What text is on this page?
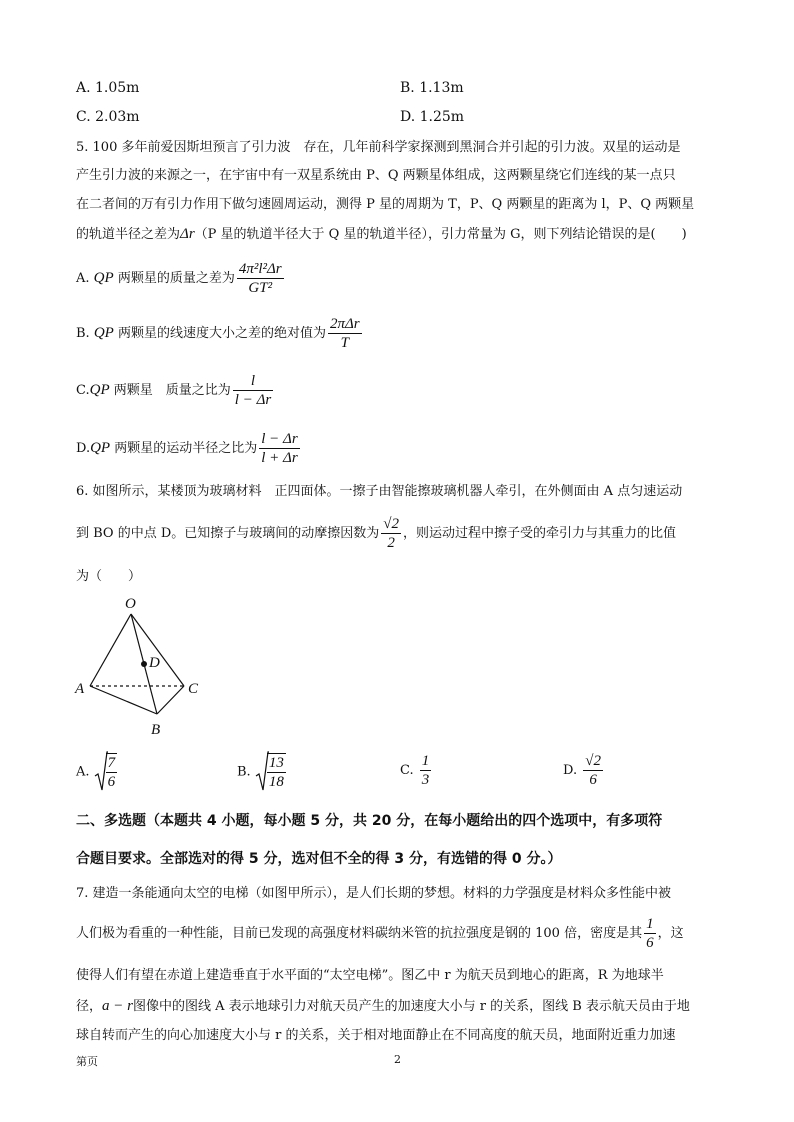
A. 1.05m	B. 1.13m
C. 2.03m	D. 1.25m
5. 100 多年前爱因斯坦预言了引力波　存在，几年前科学家探测到黑洞合并引起的引力波。双星的运动是
产生引力波的来源之一，在宇宙中有一双星系统由 P、Q 两颗星体组成，这两颗星绕它们连线的某一点只
在二者间的万有引力作用下做匀速圆周运动，测得 P 星的周期为 T，P、Q 两颗星的距离为 l，P、Q 两颗星
的轨道半径之差为Δr（P 星的轨道半径大于 Q 星的轨道半径），引力常量为 G，则下列结论错误的是(　　)
A. QP 两颗星的质量之差为 $\frac{\text{4π²l²Δr}}{\text{GT²}}$
B. QP 两颗星的线速度大小之差的绝对值为 $\frac{\text{2πΔr}}{T}$
C.QP 两颗星　质量之比为 $\frac{l}{l - \Delta r}$
D.QP 两颗星的运动半径之比为 $\frac{l - \Delta r}{l + \Delta r}$
6. 如图所示，某楼顶为玻璃材料　正四面体。一擦子由智能擦玻璃机器人牵引，在外侧面由 A 点匀速运动
到 BO 的中点 D。已知擦子与玻璃间的动摩擦因数为 $\frac{√2}{2}$ ，则运动过程中擦子受的牵引力与其重力的比值
为（　　）
O
D
A	C
B
A. $\frac{7}{6}$	B. $\frac{13}{18}$	C. $\frac{1}{3}$	D. $\frac{√2}{6}$
二、多选题（本题共 4 小题，每小题 5 分，共 20 分，在每小题给出的四个选项中，有多项符
合题目要求。全部选对的得 5 分，选对但不全的得 3 分，有选错的得 0 分。）
7. 建造一条能通向太空的电梯（如图甲所示），是人们长期的梦想。材料的力学强度是材料众多性能中被
人们极为看重的一种性能，目前已发现的高强度材料碳纳米管的抗拉强度是钢的 100 倍，密度是其 $\frac{1}{6}$ ，这
使得人们有望在赤道上建造垂直于水平面的“太空电梯”。图乙中 r 为航天员到地心的距离，R 为地球半
径，a − r图像中的图线 A 表示地球引力对航天员产生的加速度大小与 r 的关系，图线 B 表示航天员由于地
球自转而产生的向心加速度大小与 r 的关系，关于相对地面静止在不同高度的航天员，地面附近重力加速
第页	2
